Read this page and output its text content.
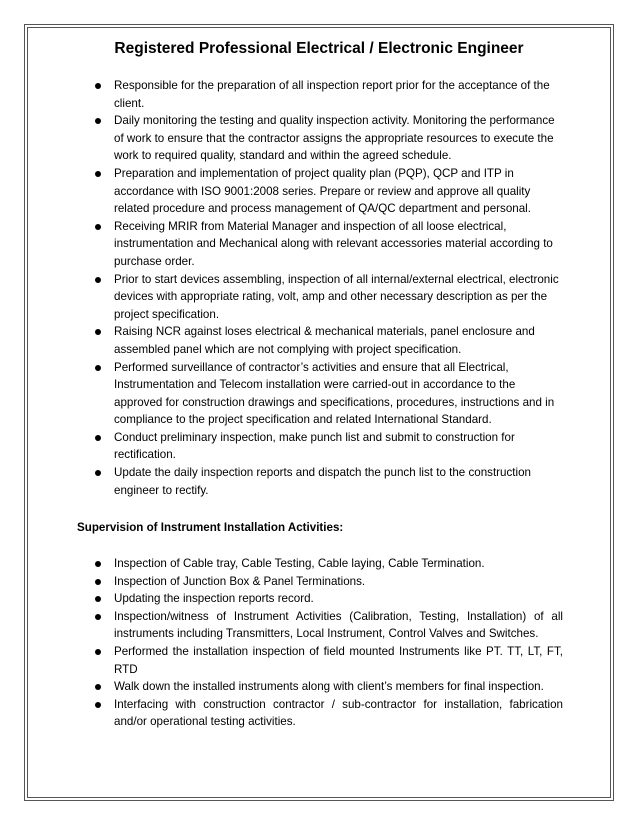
Registered Professional Electrical / Electronic Engineer
Responsible for the preparation of all inspection report prior for the acceptance of the client.
Daily monitoring the testing and quality inspection activity. Monitoring the performance of work to ensure that the contractor assigns the appropriate resources to execute the work to required quality, standard and within the agreed schedule.
Preparation and implementation of project quality plan (PQP), QCP and ITP in accordance with ISO 9001:2008 series. Prepare or review and approve all quality related procedure and process management of QA/QC department and personal.
Receiving MRIR from Material Manager and inspection of all loose electrical, instrumentation and Mechanical along with relevant accessories material according to purchase order.
Prior to start devices assembling, inspection of all internal/external electrical, electronic devices with appropriate rating, volt, amp and other necessary description as per the project specification.
Raising NCR against loses electrical & mechanical materials, panel enclosure and assembled panel which are not complying with project specification.
Performed surveillance of contractor’s activities and ensure that all Electrical, Instrumentation and Telecom installation were carried-out in accordance to the approved for construction drawings and specifications, procedures, instructions and in compliance to the project specification and related International Standard.
Conduct preliminary inspection, make punch list and submit to construction for rectification.
Update the daily inspection reports and dispatch the punch list to the construction engineer to rectify.
Supervision of Instrument Installation Activities:
Inspection of Cable tray, Cable Testing, Cable laying, Cable Termination.
Inspection of Junction Box & Panel Terminations.
Updating the inspection reports record.
Inspection/witness of Instrument Activities (Calibration, Testing, Installation) of all instruments including Transmitters, Local Instrument, Control Valves and Switches.
Performed the installation inspection of field mounted Instruments like PT. TT, LT, FT, RTD
Walk down the installed instruments along with client’s members for final inspection.
Interfacing with construction contractor / sub-contractor for installation, fabrication and/or operational testing activities.
